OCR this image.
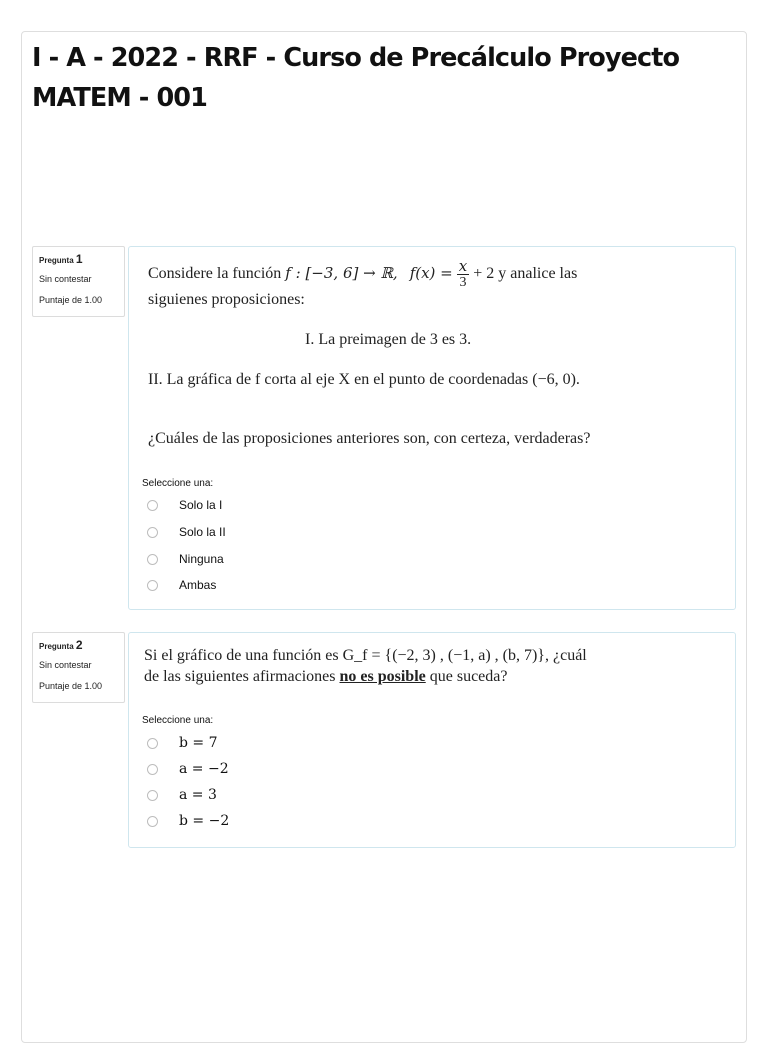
I - A - 2022 - RRF - Curso de Precálculo Proyecto MATEM - 001
Pregunta 1
Sin contestar
Puntaje de 1.00
Considere la función f : [−3, 6] → ℝ, $f(x) = \frac{x}{3} + 2$ y analice las
siguienes proposiciones:
I. La preimagen de 3 es 3.
II. La gráfica de f corta al eje X en el punto de coordenadas (−6, 0).
¿Cuáles de las proposiciones anteriores son, con certeza, verdaderas?
Seleccione una:
Solo la I
Solo la II
Ninguna
Ambas
Pregunta 2
Sin contestar
Puntaje de 1.00
Si el gráfico de una función es G_f = {(−2, 3) , (−1, a) , (b, 7)}, ¿cuál
de las siguientes afirmaciones no es posible que suceda?
Seleccione una:
b = 7
a = −2
a = 3
b = −2
